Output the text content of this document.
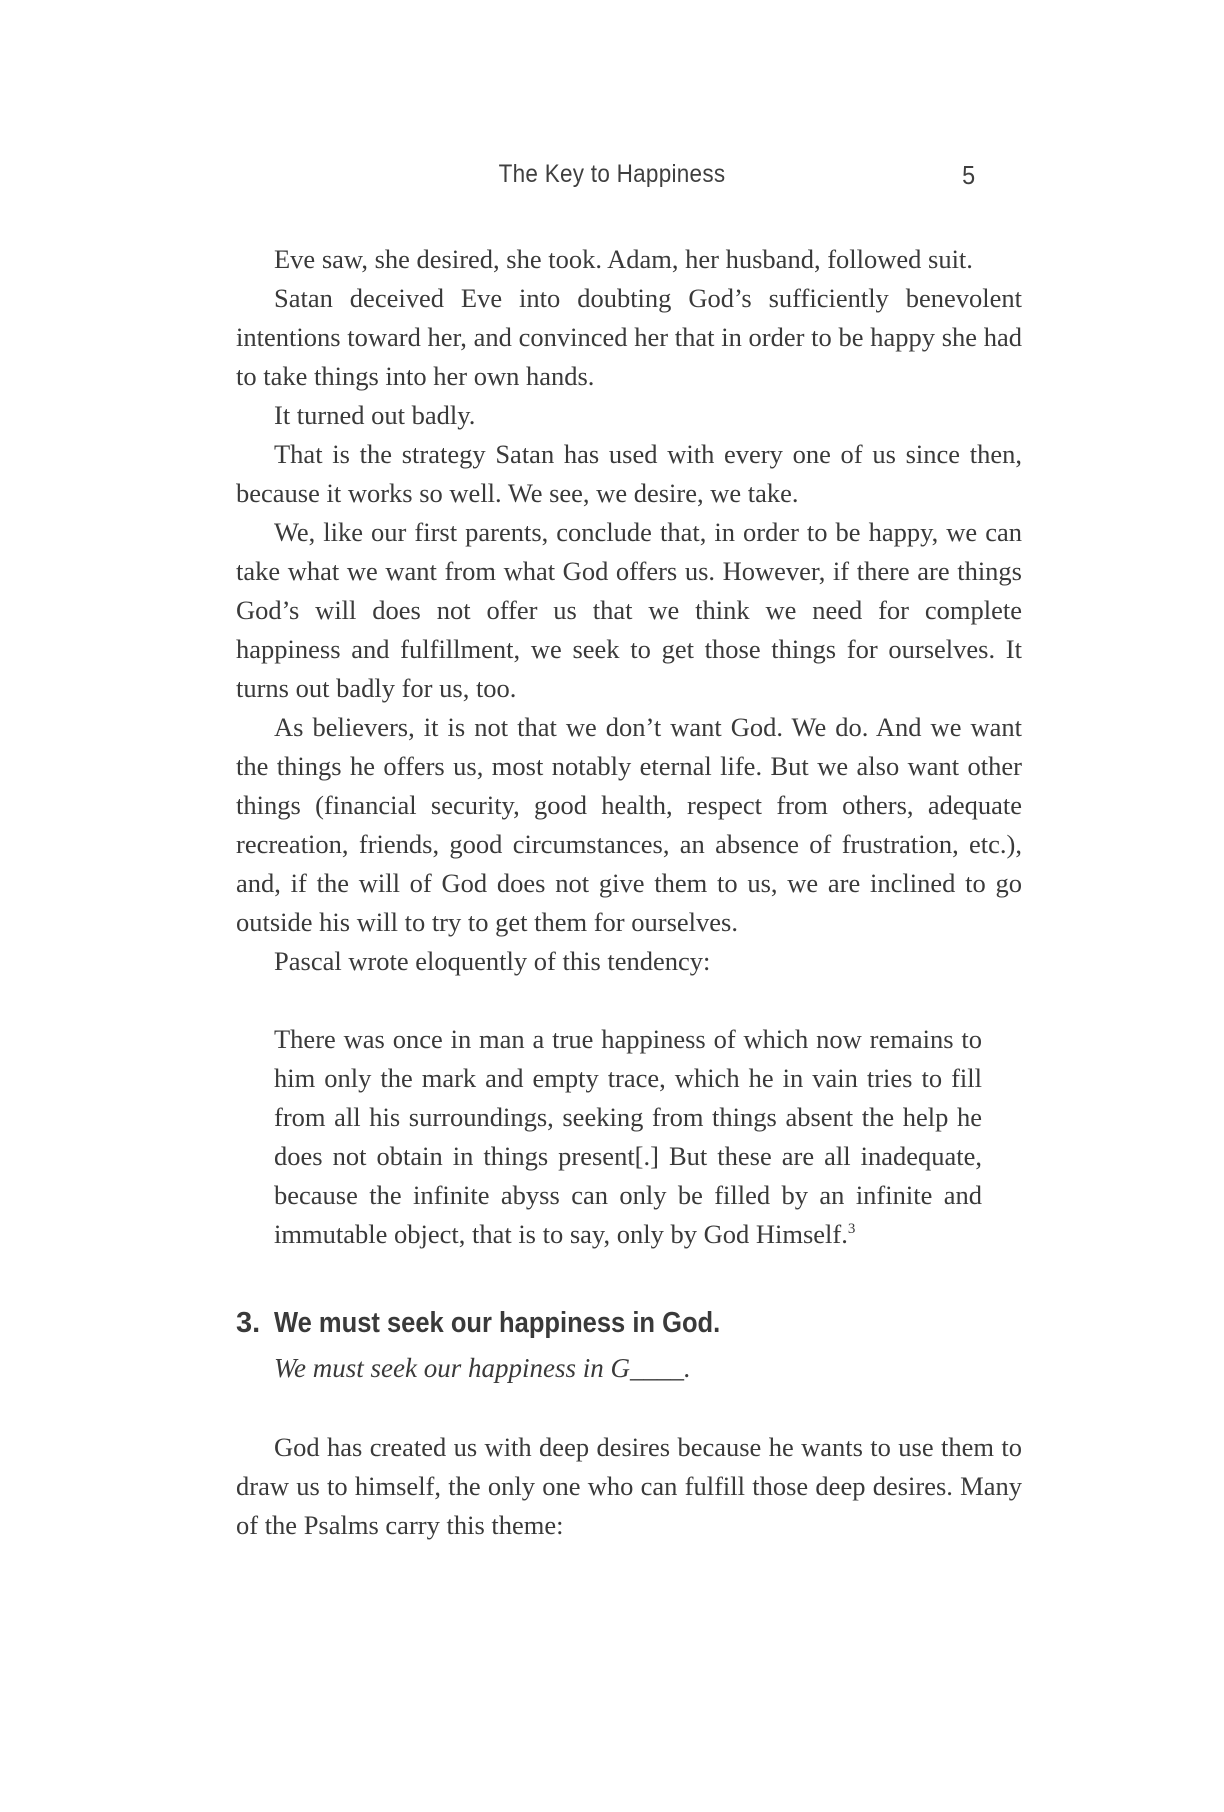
The Key to Happiness	5

Eve saw, she desired, she took. Adam, her husband, followed suit.

Satan deceived Eve into doubting God’s sufficiently benevolent intentions toward her, and convinced her that in order to be happy she had to take things into her own hands.

It turned out badly.

That is the strategy Satan has used with every one of us since then, because it works so well. We see, we desire, we take.

We, like our first parents, conclude that, in order to be happy, we can take what we want from what God offers us. However, if there are things God’s will does not offer us that we think we need for complete happiness and fulfillment, we seek to get those things for ourselves. It turns out badly for us, too.

As believers, it is not that we don’t want God. We do. And we want the things he offers us, most notably eternal life. But we also want other things (financial security, good health, respect from others, adequate recreation, friends, good circumstances, an absence of frustration, etc.), and, if the will of God does not give them to us, we are inclined to go outside his will to try to get them for ourselves.

Pascal wrote eloquently of this tendency:

There was once in man a true happiness of which now remains to him only the mark and empty trace, which he in vain tries to fill from all his surroundings, seeking from things absent the help he does not obtain in things present[.] But these are all inadequate, because the infinite abyss can only be filled by an infinite and immutable object, that is to say, only by God Himself.$^3$
3. We must seek our happiness in God.
We must seek our happiness in G____.

God has created us with deep desires because he wants to use them to draw us to himself, the only one who can fulfill those deep desires. Many of the Psalms carry this theme:
